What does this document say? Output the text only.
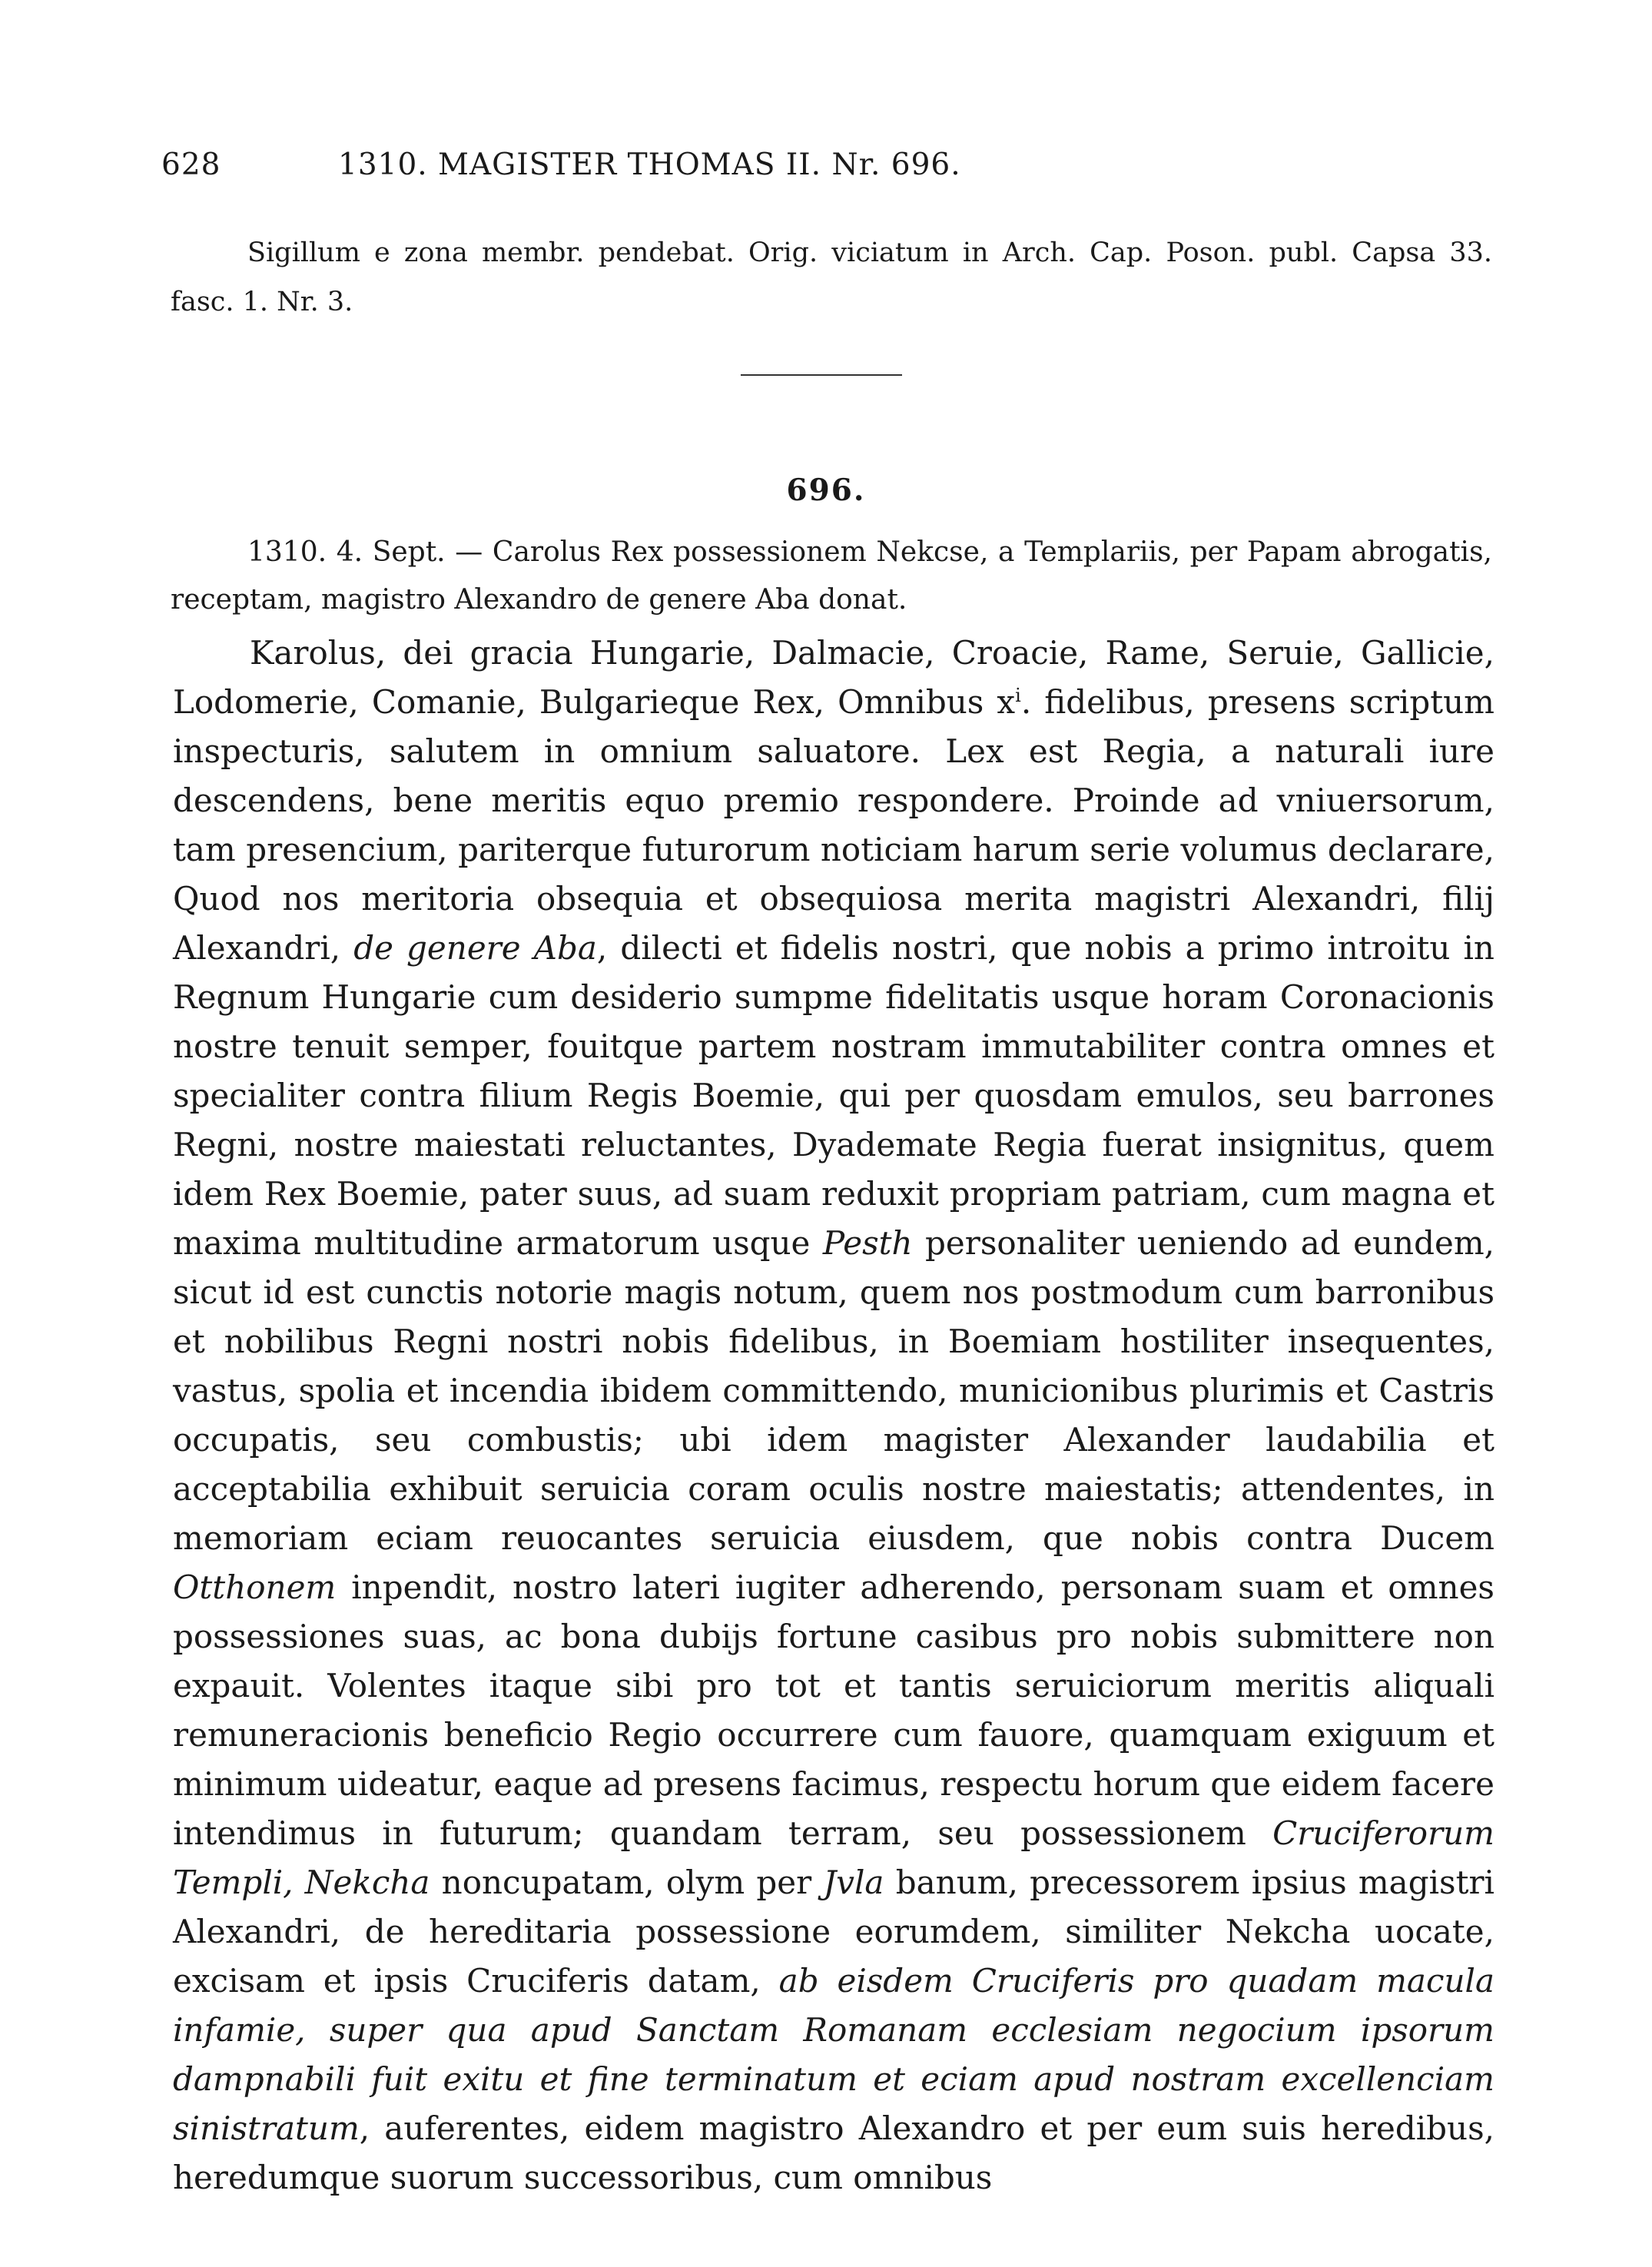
628	1310. MAGISTER THOMAS II. Nr. 696.
Sigillum e zona membr. pendebat. Orig. viciatum in Arch. Cap. Poson. publ. Capsa 33. fasc. 1. Nr. 3.
696.
1310. 4. Sept. — Carolus Rex possessionem Nekcse, a Templariis, per Papam abrogatis, receptam, magistro Alexandro de genere Aba donat.

Karolus, dei gracia Hungarie, Dalmacie, Croacie, Rame, Seruie, Gallicie, Lodomerie, Comanie, Bulgarieque Rex, Omnibus $x^i$. fidelibus, presens scriptum inspecturis, salutem in omnium saluatore. Lex est Regia, a naturali iure descendens, bene meritis equo premio respondere. Proinde ad vniuersorum, tam presencium, pariterque futurorum noticiam harum serie volumus declarare, Quod nos meritoria obsequia et obsequiosa merita magistri Alexandri, filij Alexandri, de genere Aba, dilecti et fidelis nostri, que nobis a primo introitu in Regnum Hungarie cum desiderio sumpme fidelitatis usque horam Coronacionis nostre tenuit semper, fouitque partem nostram immutabiliter contra omnes et specialiter contra filium Regis Boemie, qui per quosdam emulos, seu barrones Regni, nostre maiestati reluctantes, Dyademate Regia fuerat insignitus, quem idem Rex Boemie, pater suus, ad suam reduxit propriam patriam, cum magna et maxima multitudine armatorum usque Pesth personaliter ueniendo ad eundem, sicut id est cunctis notorie magis notum, quem nos postmodum cum barronibus et nobilibus Regni nostri nobis fidelibus, in Boemiam hostiliter insequentes, vastus, spolia et incendia ibidem committendo, municionibus plurimis et Castris occupatis, seu combustis; ubi idem magister Alexander laudabilia et acceptabilia exhibuit seruicia coram oculis nostre maiestatis; attendentes, in memoriam eciam reuocantes seruicia eiusdem, que nobis contra Ducem Otthonem inpendit, nostro lateri iugiter adherendo, personam suam et omnes possessiones suas, ac bona dubijs fortune casibus pro nobis submittere non expauit. Volentes itaque sibi pro tot et tantis seruiciorum meritis aliquali remuneracionis beneficio Regio occurrere cum fauore, quamquam exiguum et minimum uideatur, eaque ad presens facimus, respectu horum que eidem facere intendimus in futurum; quandam terram, seu possessionem Cruciferorum Templi, Nekcha noncupatam, olym per Jvla banum, precessorem ipsius magistri Alexandri, de hereditaria possessione eorumdem, similiter Nekcha uocate, excisam et ipsis Cruciferis datam, ab eisdem Cruciferis pro quadam macula infamie, super qua apud Sanctam Romanam ecclesiam negocium ipsorum dampnabili fuit exitu et fine terminatum et eciam apud nostram excellenciam sinistratum, auferentes, eidem magistro Alexandro et per eum suis heredibus, heredumque suorum successoribus, cum omnibus
